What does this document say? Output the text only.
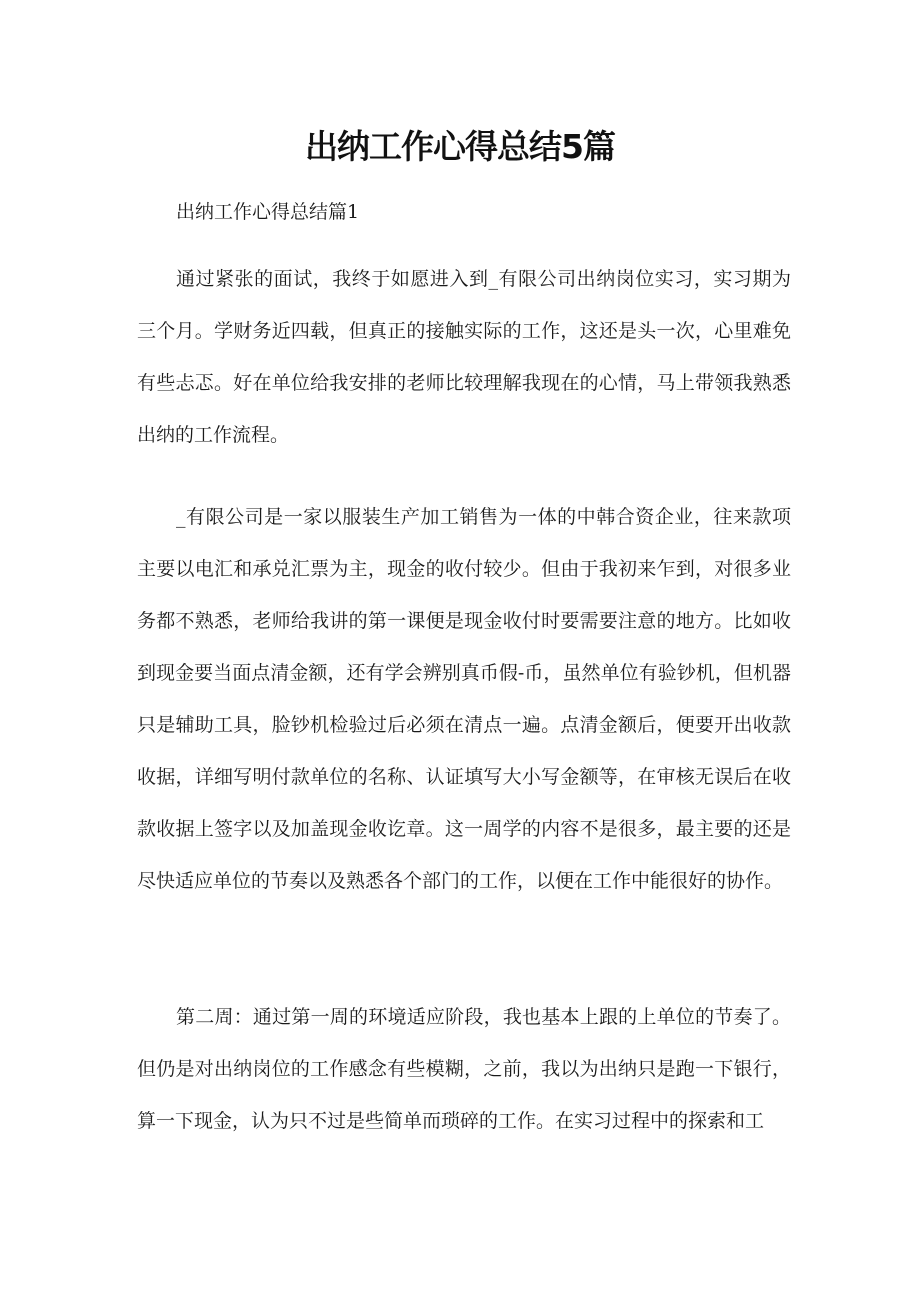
出纳工作心得总结5篇
出纳工作心得总结篇1

通过紧张的面试，我终于如愿进入到_有限公司出纳岗位实习，实习期为三个月。学财务近四载，但真正的接触实际的工作，这还是头一次，心里难免有些忐忑。好在单位给我安排的老师比较理解我现在的心情，马上带领我熟悉出纳的工作流程。

_有限公司是一家以服装生产加工销售为一体的中韩合资企业，往来款项主要以电汇和承兑汇票为主，现金的收付较少。但由于我初来乍到，对很多业务都不熟悉，老师给我讲的第一课便是现金收付时要需要注意的地方。比如收到现金要当面点清金额，还有学会辨别真币假-币，虽然单位有验钞机，但机器只是辅助工具，脸钞机检验过后必须在清点一遍。点清金额后，便要开出收款收据，详细写明付款单位的名称、认证填写大小写金额等，在审核无误后在收款收据上签字以及加盖现金收讫章。这一周学的内容不是很多，最主要的还是尽快适应单位的节奏以及熟悉各个部门的工作，以便在工作中能很好的协作。

第二周：通过第一周的环境适应阶段，我也基本上跟的上单位的节奏了。但仍是对出纳岗位的工作感念有些模糊，之前，我以为出纳只是跑一下银行，算一下现金，认为只不过是些简单而琐碎的工作。在实习过程中的探索和工
